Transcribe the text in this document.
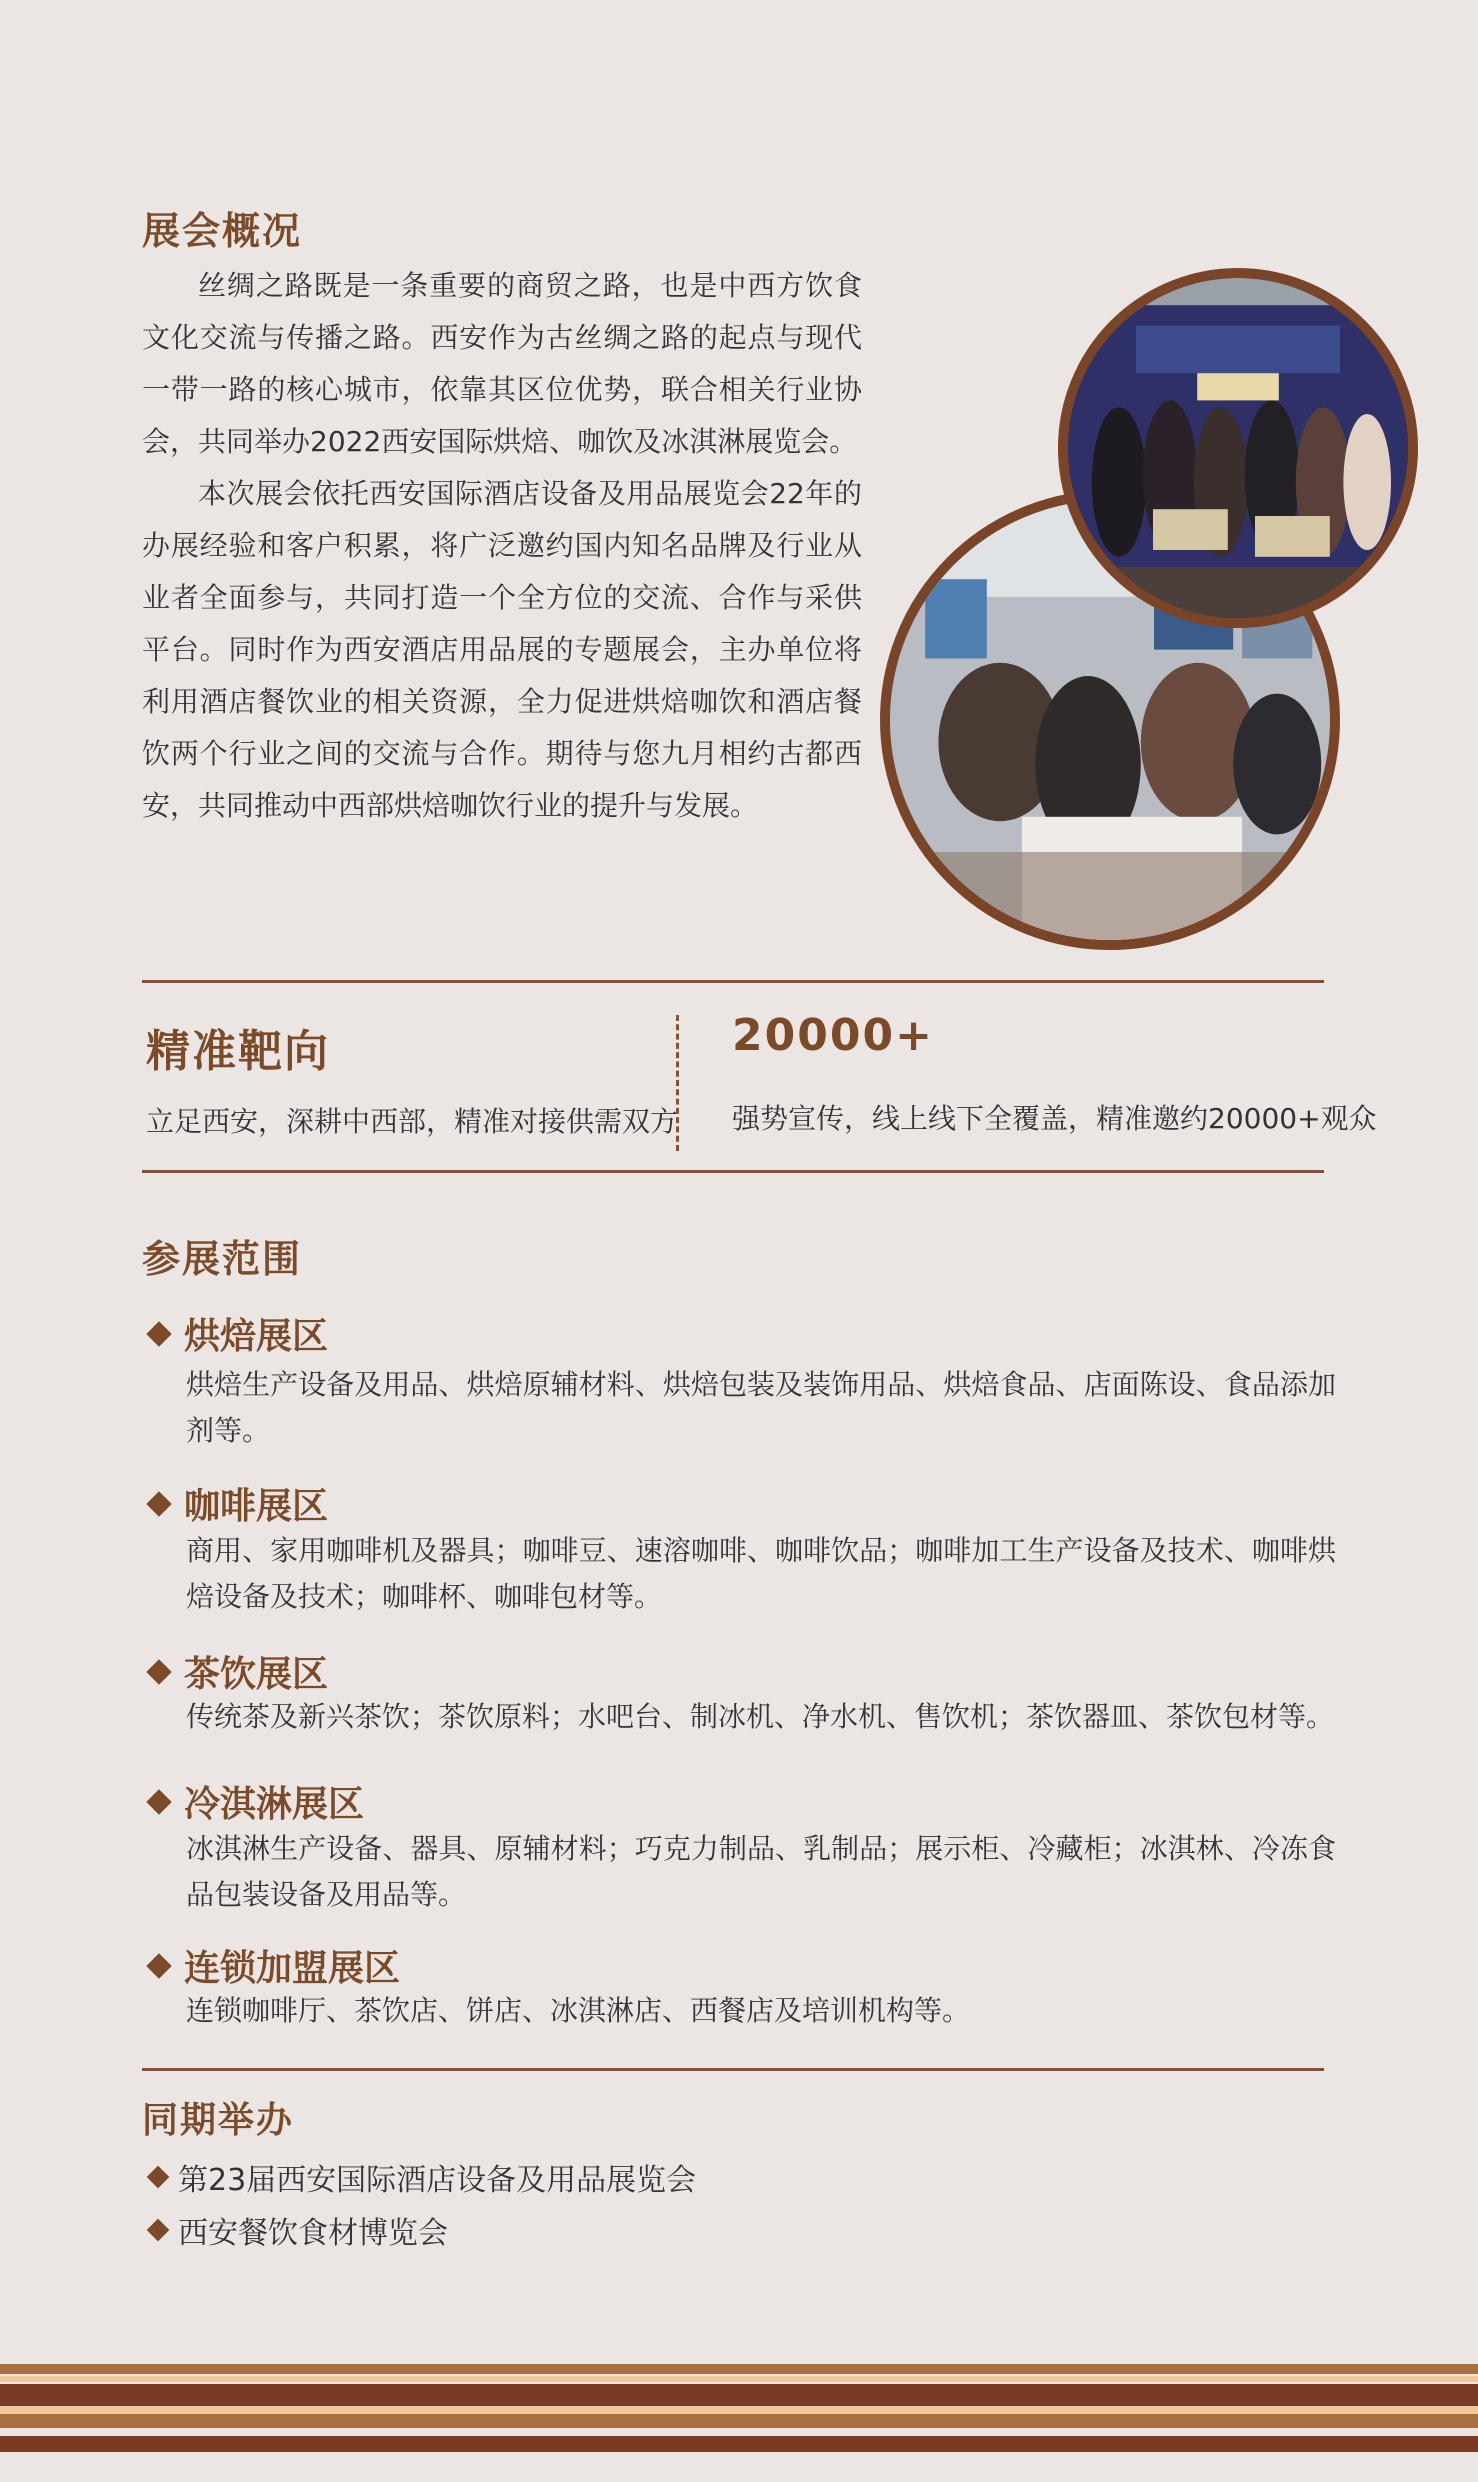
展会概况

丝绸之路既是一条重要的商贸之路，也是中西方饮食文化交流与传播之路。西安作为古丝绸之路的起点与现代一带一路的核心城市，依靠其区位优势，联合相关行业协会，共同举办2022西安国际烘焙、咖饮及冰淇淋展览会。

本次展会依托西安国际酒店设备及用品展览会22年的办展经验和客户积累，将广泛邀约国内知名品牌及行业从业者全面参与，共同打造一个全方位的交流、合作与采供平台。同时作为西安酒店用品展的专题展会，主办单位将利用酒店餐饮业的相关资源，全力促进烘焙咖饮和酒店餐饮两个行业之间的交流与合作。期待与您九月相约古都西安，共同推动中西部烘焙咖饮行业的提升与发展。

精准靶向

立足西安，深耕中西部，精准对接供需双方

20000+

强势宣传，线上线下全覆盖，精准邀约20000+观众

参展范围
烘焙展区

烘焙生产设备及用品、烘焙原辅材料、烘焙包装及装饰用品、烘焙食品、店面陈设、食品添加剂等。

咖啡展区

商用、家用咖啡机及器具；咖啡豆、速溶咖啡、咖啡饮品；咖啡加工生产设备及技术、咖啡烘焙设备及技术；咖啡杯、咖啡包材等。

茶饮展区

传统茶及新兴茶饮；茶饮原料；水吧台、制冰机、净水机、售饮机；茶饮器皿、茶饮包材等。

冷淇淋展区

冰淇淋生产设备、器具、原辅材料；巧克力制品、乳制品；展示柜、冷藏柜；冰淇林、冷冻食品包装设备及用品等。

连锁加盟展区

连锁咖啡厅、茶饮店、饼店、冰淇淋店、西餐店及培训机构等。

同期举办

第23届西安国际酒店设备及用品展览会

西安餐饮食材博览会
